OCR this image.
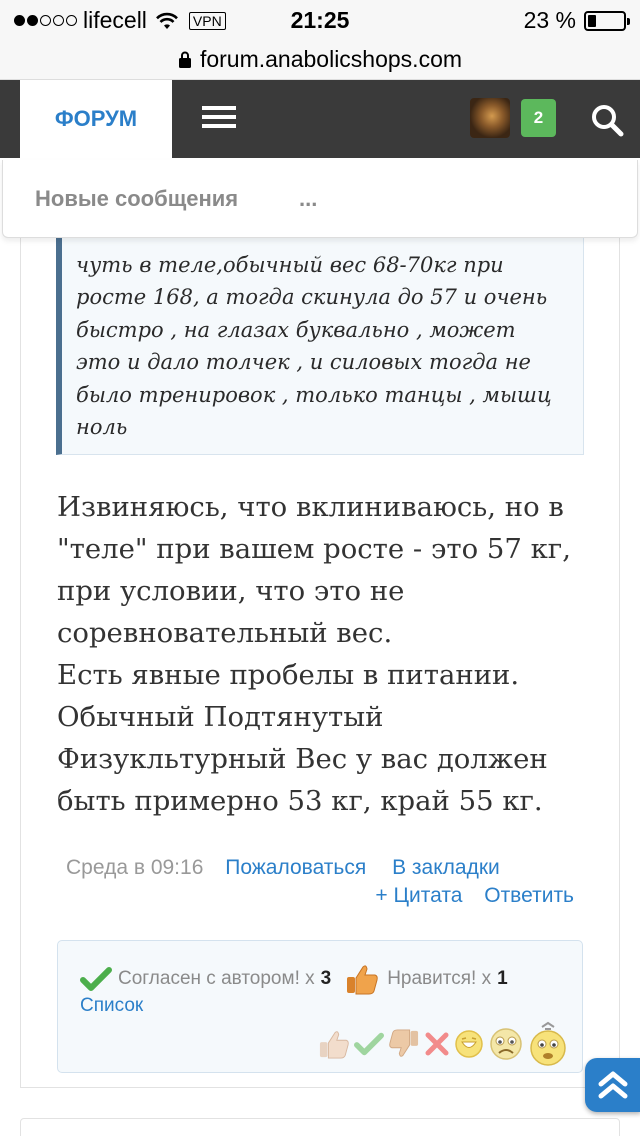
lifecell	VPN	21:25	23 %
forum.anabolicshops.com
ФОРУМ	2
Новые сообщения	...
чуть в теле,обычный вес 68-70кг при
росте 168, а тогда скинула до 57 и очень
быстро , на глазах буквально , может
это и дало толчек , и силовых тогда не
было тренировок , только танцы , мышц
ноль
Извиняюсь, что вклиниваюсь, но в
"теле" при вашем росте - это 57 кг,
при условии, что это не
соревновательный вес.
Есть явные пробелы в питании.
Обычный Подтянутый
Физукльтурный Вес у вас должен
быть примерно 53 кг, край 55 кг.
Среда в 09:16 Пожаловаться В закладки
+ Цитата Ответить
Согласен с автором! x 3	Нравится! x 1
Список
